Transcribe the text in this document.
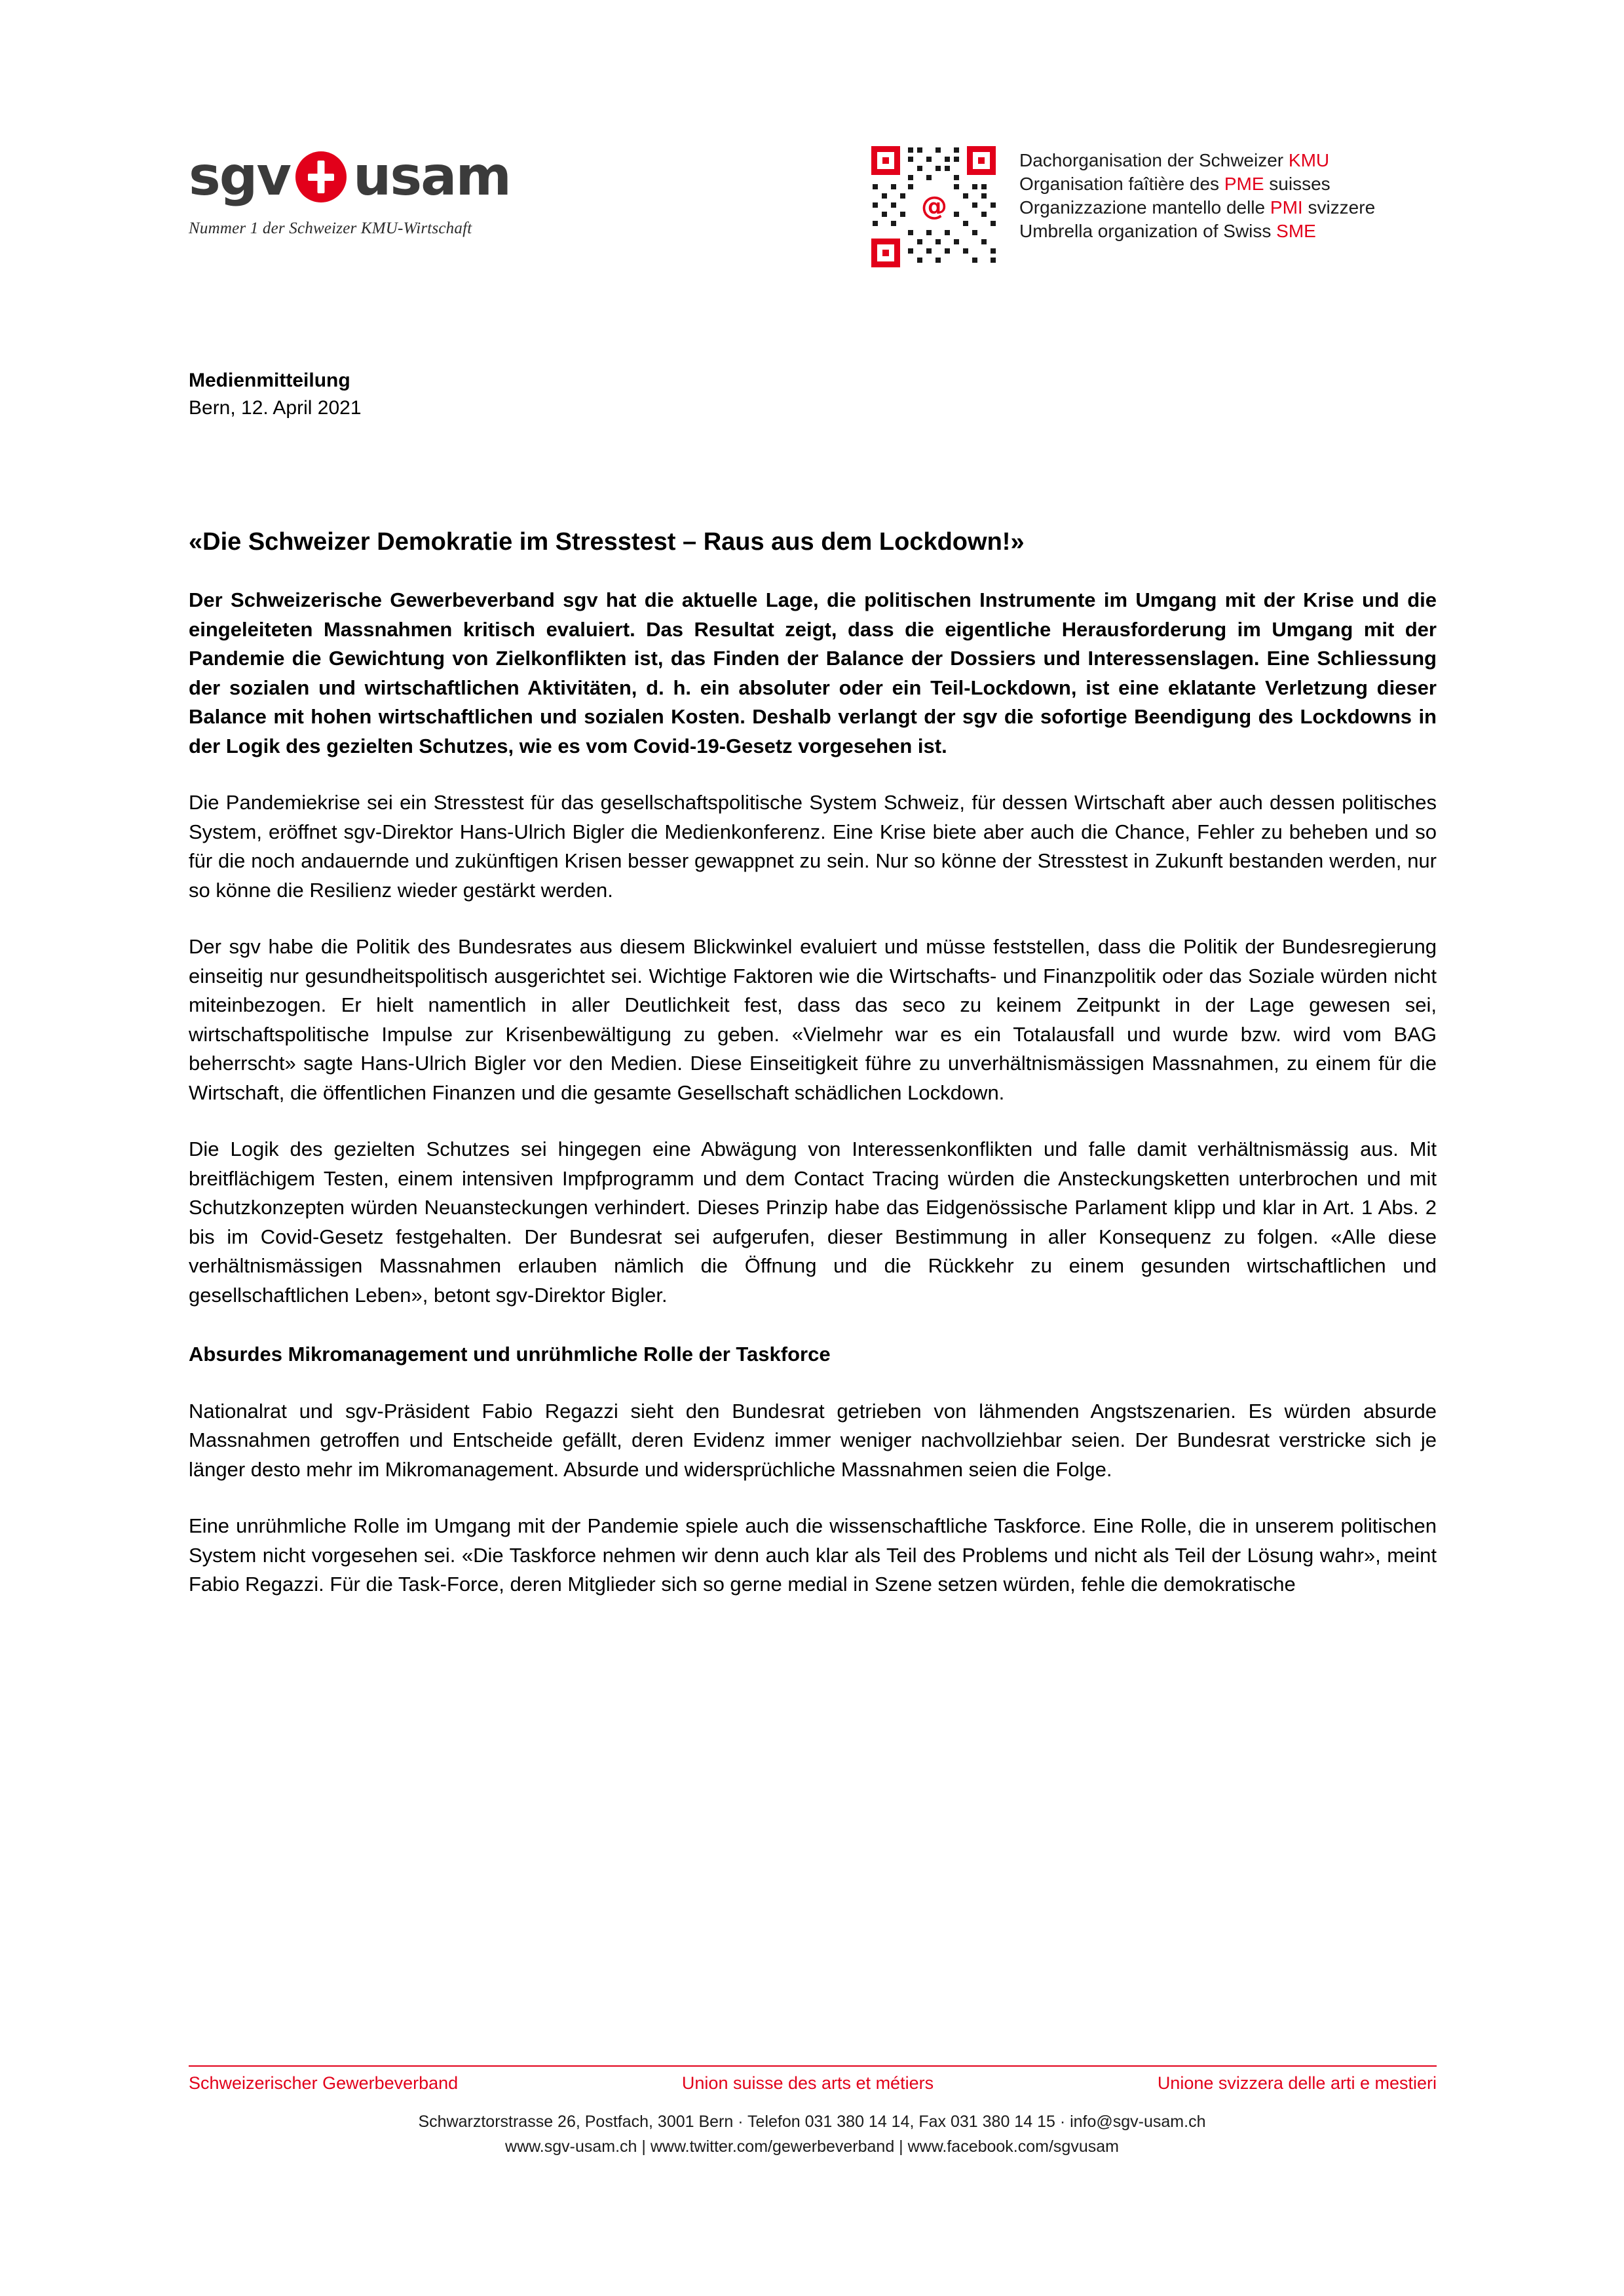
sgv usam
Nummer 1 der Schweizer KMU-Wirtschaft
@
Dachorganisation der Schweizer KMU
Organisation faîtière des PME suisses
Organizzazione mantello delle PMI svizzere
Umbrella organization of Swiss SME
Medienmitteilung
Bern, 12. April 2021
«Die Schweizer Demokratie im Stresstest – Raus aus dem Lockdown!»
Der Schweizerische Gewerbeverband sgv hat die aktuelle Lage, die politischen Instrumente im Umgang mit der Krise und die eingeleiteten Massnahmen kritisch evaluiert. Das Resultat zeigt, dass die eigentliche Herausforderung im Umgang mit der Pandemie die Gewichtung von Zielkonflikten ist, das Finden der Balance der Dossiers und Interessenslagen. Eine Schliessung der sozialen und wirtschaftlichen Aktivitäten, d. h. ein absoluter oder ein Teil-Lockdown, ist eine eklatante Verletzung dieser Balance mit hohen wirtschaftlichen und sozialen Kosten. Deshalb verlangt der sgv die sofortige Beendigung des Lockdowns in der Logik des gezielten Schutzes, wie es vom Covid-19-Gesetz vorgesehen ist.

Die Pandemiekrise sei ein Stresstest für das gesellschaftspolitische System Schweiz, für dessen Wirtschaft aber auch dessen politisches System, eröffnet sgv-Direktor Hans-Ulrich Bigler die Medienkonferenz. Eine Krise biete aber auch die Chance, Fehler zu beheben und so für die noch andauernde und zukünftigen Krisen besser gewappnet zu sein. Nur so könne der Stresstest in Zukunft bestanden werden, nur so könne die Resilienz wieder gestärkt werden.

Der sgv habe die Politik des Bundesrates aus diesem Blickwinkel evaluiert und müsse feststellen, dass die Politik der Bundesregierung einseitig nur gesundheitspolitisch ausgerichtet sei. Wichtige Faktoren wie die Wirtschafts- und Finanzpolitik oder das Soziale würden nicht miteinbezogen. Er hielt namentlich in aller Deutlichkeit fest, dass das seco zu keinem Zeitpunkt in der Lage gewesen sei, wirtschaftspolitische Impulse zur Krisenbewältigung zu geben. «Vielmehr war es ein Totalausfall und wurde bzw. wird vom BAG beherrscht» sagte Hans-Ulrich Bigler vor den Medien. Diese Einseitigkeit führe zu unverhältnismässigen Massnahmen, zu einem für die Wirtschaft, die öffentlichen Finanzen und die gesamte Gesellschaft schädlichen Lockdown.

Die Logik des gezielten Schutzes sei hingegen eine Abwägung von Interessenkonflikten und falle damit verhältnismässig aus. Mit breitflächigem Testen, einem intensiven Impfprogramm und dem Contact Tracing würden die Ansteckungsketten unterbrochen und mit Schutzkonzepten würden Neuansteckungen verhindert. Dieses Prinzip habe das Eidgenössische Parlament klipp und klar in Art. 1 Abs. 2 bis im Covid-Gesetz festgehalten. Der Bundesrat sei aufgerufen, dieser Bestimmung in aller Konsequenz zu folgen. «Alle diese verhältnismässigen Massnahmen erlauben nämlich die Öffnung und die Rückkehr zu einem gesunden wirtschaftlichen und gesellschaftlichen Leben», betont sgv-Direktor Bigler.

Absurdes Mikromanagement und unrühmliche Rolle der Taskforce

Nationalrat und sgv-Präsident Fabio Regazzi sieht den Bundesrat getrieben von lähmenden Angstszenarien. Es würden absurde Massnahmen getroffen und Entscheide gefällt, deren Evidenz immer weniger nachvollziehbar seien. Der Bundesrat verstricke sich je länger desto mehr im Mikromanagement. Absurde und widersprüchliche Massnahmen seien die Folge.

Eine unrühmliche Rolle im Umgang mit der Pandemie spiele auch die wissenschaftliche Taskforce. Eine Rolle, die in unserem politischen System nicht vorgesehen sei. «Die Taskforce nehmen wir denn auch klar als Teil des Problems und nicht als Teil der Lösung wahr», meint Fabio Regazzi. Für die Task-Force, deren Mitglieder sich so gerne medial in Szene setzen würden, fehle die demokratische

Schweizerischer Gewerbeverband	Union suisse des arts et métiers	Unione svizzera delle arti e mestieri
Schwarztorstrasse 26, Postfach, 3001 Bern · Telefon 031 380 14 14, Fax 031 380 14 15 · info@sgv-usam.ch
www.sgv-usam.ch | www.twitter.com/gewerbeverband | www.facebook.com/sgvusam
